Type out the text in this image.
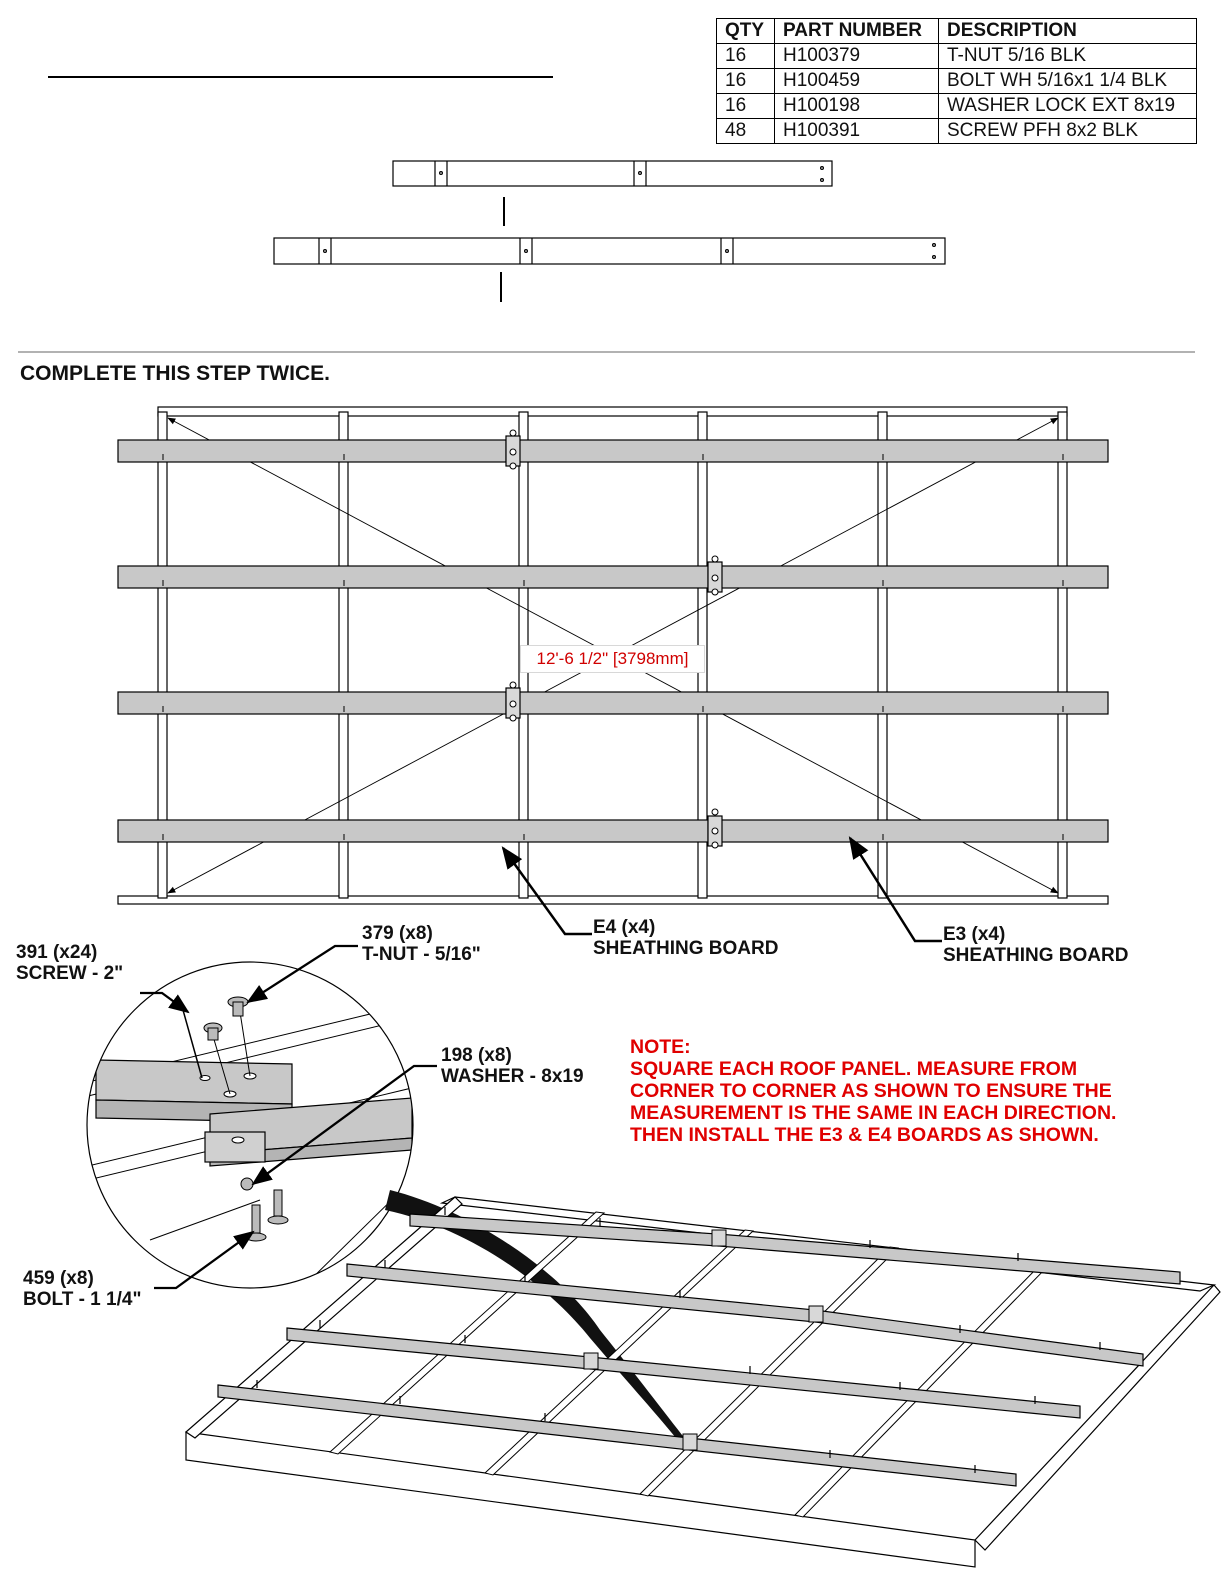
QTY	PART NUMBER	DESCRIPTION
16	H100379	T-NUT 5/16 BLK
16	H100459	BOLT WH 5/16x1 1/4 BLK
16	H100198	WASHER LOCK EXT 8x19
48	H100391	SCREW PFH 8x2 BLK
COMPLETE THIS STEP TWICE.
12'-6 1/2" [3798mm]
E4 (x4)
SHEATHING BOARD
E3 (x4)
SHEATHING BOARD
391 (x24)
SCREW - 2"
379 (x8)
T-NUT - 5/16"
198 (x8)
WASHER - 8x19
459 (x8)
BOLT - 1 1/4"
NOTE:
SQUARE EACH ROOF PANEL. MEASURE FROM
CORNER TO CORNER AS SHOWN TO ENSURE THE
MEASUREMENT IS THE SAME IN EACH DIRECTION.
THEN INSTALL THE E3 & E4 BOARDS AS SHOWN.
